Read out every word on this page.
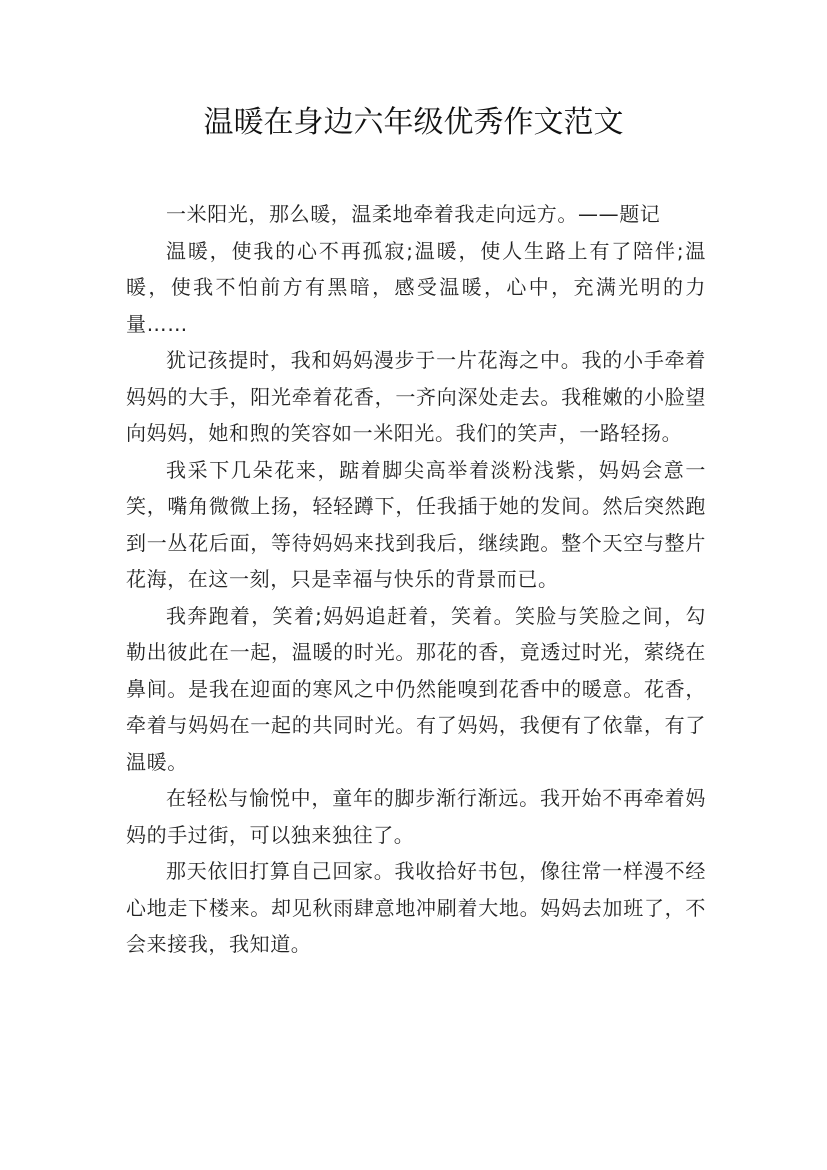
温暖在身边六年级优秀作文范文

一米阳光，那么暖，温柔地牵着我走向远方。——题记

温暖，使我的心不再孤寂;温暖，使人生路上有了陪伴;温暖，使我不怕前方有黑暗，感受温暖，心中，充满光明的力量……

犹记孩提时，我和妈妈漫步于一片花海之中。我的小手牵着妈妈的大手，阳光牵着花香，一齐向深处走去。我稚嫩的小脸望向妈妈，她和煦的笑容如一米阳光。我们的笑声，一路轻扬。

我采下几朵花来，踮着脚尖高举着淡粉浅紫，妈妈会意一笑，嘴角微微上扬，轻轻蹲下，任我插于她的发间。然后突然跑到一丛花后面，等待妈妈来找到我后，继续跑。整个天空与整片花海，在这一刻，只是幸福与快乐的背景而已。

我奔跑着，笑着;妈妈追赶着，笑着。笑脸与笑脸之间，勾勒出彼此在一起，温暖的时光。那花的香，竟透过时光，萦绕在鼻间。是我在迎面的寒风之中仍然能嗅到花香中的暖意。花香，牵着与妈妈在一起的共同时光。有了妈妈，我便有了依靠，有了温暖。

在轻松与愉悦中，童年的脚步渐行渐远。我开始不再牵着妈妈的手过街，可以独来独往了。

那天依旧打算自己回家。我收拾好书包，像往常一样漫不经心地走下楼来。却见秋雨肆意地冲刷着大地。妈妈去加班了，不会来接我，我知道。
